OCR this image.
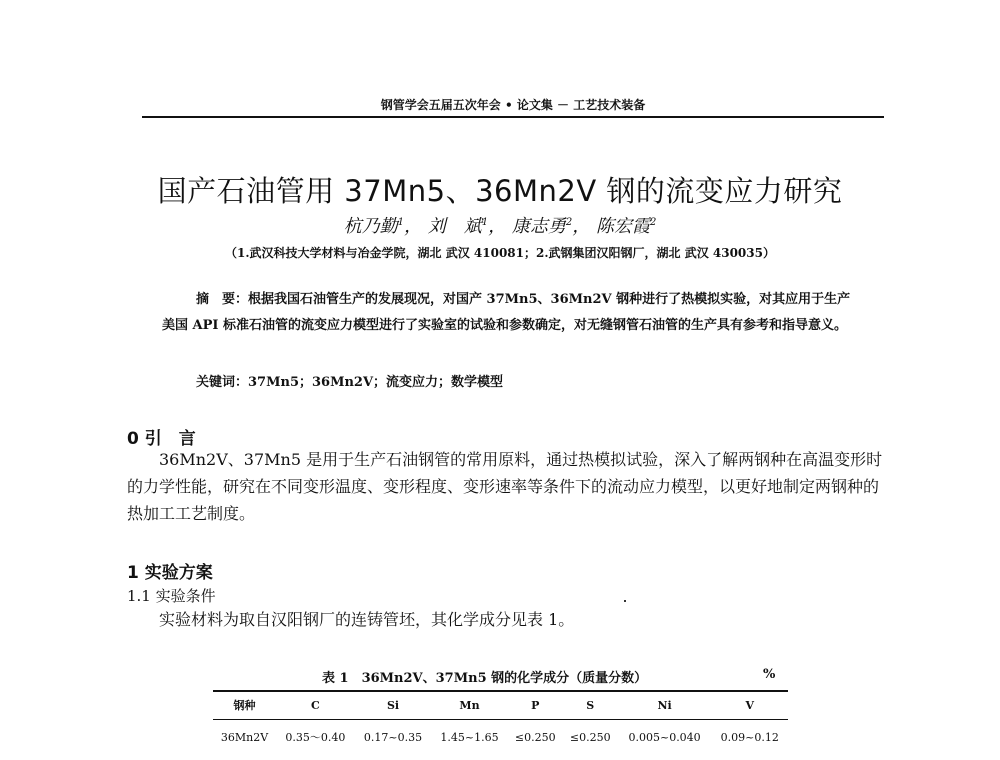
钢管学会五届五次年会 • 论文集 － 工艺技术装备
国产石油管用 37Mn5、36Mn2V 钢的流变应力研究
杭乃勤$^1$， 刘　斌$^1$， 康志勇$^2$， 陈宏霞$^2$
（1.武汉科技大学材料与冶金学院，湖北 武汉 410081；2.武钢集团汉阳钢厂，湖北 武汉 430035）
摘　要：根据我国石油管生产的发展现况，对国产 37Mn5、36Mn2V 钢种进行了热模拟实验，对其应用于生产美国 API 标准石油管的流变应力模型进行了实验室的试验和参数确定，对无缝钢管石油管的生产具有参考和指导意义。
关键词：37Mn5；36Mn2V；流变应力；数学模型
0 引　言

36Mn2V、37Mn5 是用于生产石油钢管的常用原料，通过热模拟试验，深入了解两钢种在高温变形时的力学性能，研究在不同变形温度、变形程度、变形速率等条件下的流动应力模型，以更好地制定两钢种的热加工工艺制度。

1 实验方案
1.1 实验条件

实验材料为取自汉阳钢厂的连铸管坯，其化学成分见表 1。

表 1　36Mn2V、37Mn5 钢的化学成分（质量分数）	%
钢种	C	Si	Mn	P	S	Ni	V
36Mn2V	0.35～0.40	0.17~0.35	1.45~1.65	≤0.250	≤0.250	0.005~0.040	0.09~0.12
